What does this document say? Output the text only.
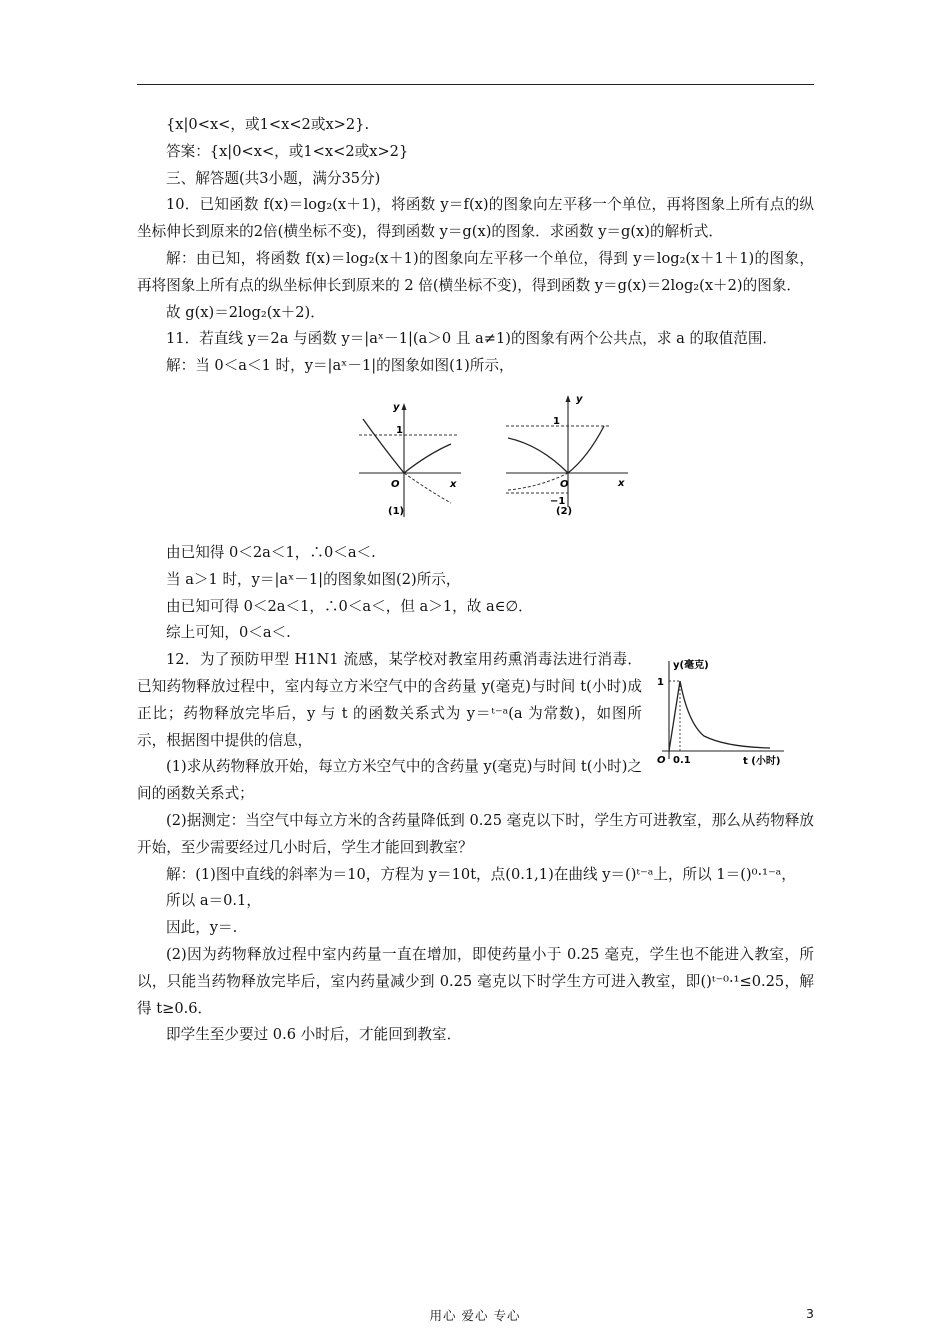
{x|0<x<，或1<x<2或x>2}.

答案：{x|0<x<，或1<x<2或x>2}

三、解答题(共3小题，满分35分)

10．已知函数 f(x)＝log₂(x＋1)，将函数 y＝f(x)的图象向左平移一个单位，再将图象上所有点的纵坐标伸长到原来的2倍(横坐标不变)，得到函数 y＝g(x)的图象．求函数 y＝g(x)的解析式．

解：由已知，将函数 f(x)＝log₂(x＋1)的图象向左平移一个单位，得到 y＝log₂(x＋1＋1)的图象，再将图象上所有点的纵坐标伸长到原来的 2 倍(横坐标不变)，得到函数 y＝g(x)＝2log₂(x＋2)的图象．

故 g(x)＝2log₂(x＋2)．

11．若直线 y＝2a 与函数 y＝|aˣ－1|(a＞0 且 a≠1)的图象有两个公共点，求 a 的取值范围．

解：当 0＜a＜1 时，y＝|aˣ－1|的图象如图(1)所示，

y
1
O	x
(1)
y
1
O	x
−1
(2)

由已知得 0＜2a＜1，∴0＜a＜.

当 a＞1 时，y＝|aˣ－1|的图象如图(2)所示，

由已知可得 0＜2a＜1，∴0＜a＜，但 a＞1，故 a∈∅．

综上可知，0＜a＜.

12．为了预防甲型 H1N1 流感，某学校对教室用药熏消毒法进行消毒．已知药物释放过程中，室内每立方米空气中的含药量 y(毫克)与时间 t(小时)成正比；药物释放完毕后，y 与 t 的函数关系式为 y＝ᵗ⁻ᵃ(a 为常数)，如图所示，根据图中提供的信息，

(1)求从药物释放开始，每立方米空气中的含药量 y(毫克)与时间 t(小时)之间的函数关系式；

y(毫克)
1
O 0.1	t (小时)

(2)据测定：当空气中每立方米的含药量降低到 0.25 毫克以下时，学生方可进教室，那么从药物释放开始，至少需要经过几小时后，学生才能回到教室？

解：(1)图中直线的斜率为＝10，方程为 y＝10t，点(0.1,1)在曲线 y＝()ᵗ⁻ᵃ上，所以 1＝()⁰·¹⁻ᵃ，

所以 a＝0.1，

因此，y＝.

(2)因为药物释放过程中室内药量一直在增加，即使药量小于 0.25 毫克，学生也不能进入教室，所以，只能当药物释放完毕后，室内药量减少到 0.25 毫克以下时学生方可进入教室，即()ᵗ⁻⁰·¹≤0.25，解得 t≥0.6．

即学生至少要过 0.6 小时后，才能回到教室．

用心 爱心 专心	3
